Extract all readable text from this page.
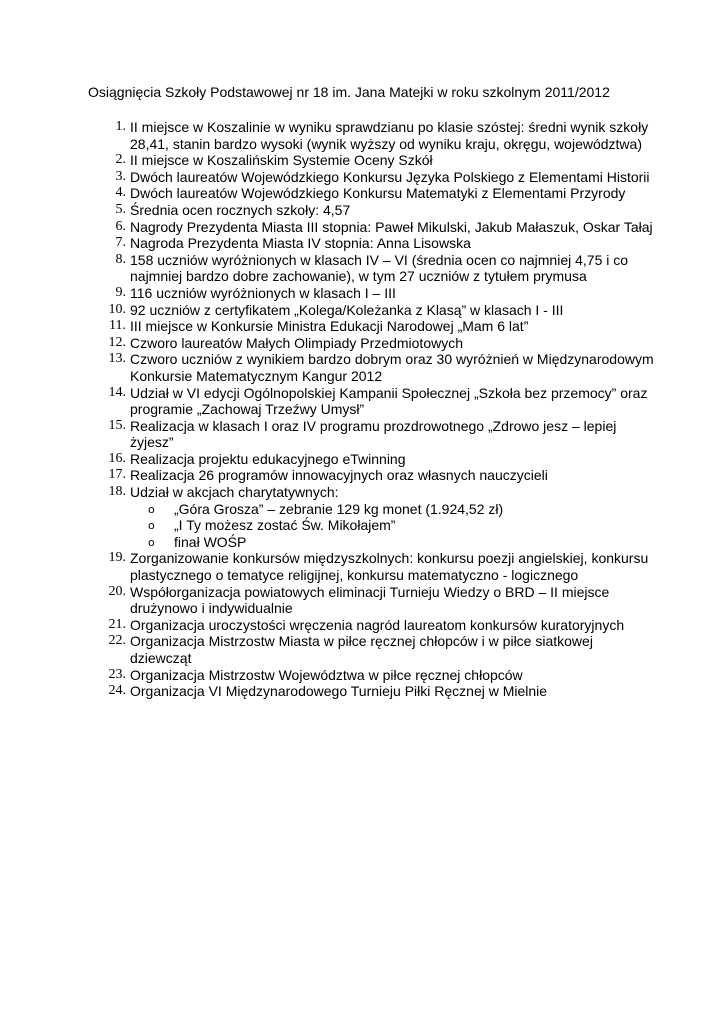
Osiągnięcia Szkoły Podstawowej nr 18 im. Jana Matejki w roku szkolnym 2011/2012
1. II miejsce w Koszalinie w wyniku sprawdzianu po klasie szóstej: średni wynik szkoły 28,41, stanin bardzo wysoki (wynik wyższy od wyniku kraju, okręgu, województwa)
2. II miejsce w Koszalińskim Systemie Oceny Szkół
3. Dwóch laureatów Wojewódzkiego Konkursu Języka Polskiego z Elementami Historii
4. Dwóch laureatów Wojewódzkiego Konkursu Matematyki z Elementami Przyrody
5. Średnia ocen rocznych szkoły: 4,57
6. Nagrody Prezydenta Miasta III stopnia: Paweł Mikulski, Jakub Małaszuk, Oskar Tałaj
7. Nagroda Prezydenta Miasta IV stopnia: Anna Lisowska
8. 158 uczniów wyróżnionych w klasach IV – VI (średnia ocen co najmniej 4,75 i co najmniej bardzo dobre zachowanie), w tym 27 uczniów z tytułem prymusa
9. 116 uczniów wyróżnionych w klasach I – III
10. 92 uczniów z certyfikatem „Kolega/Koleżanka z Klasą” w klasach I - III
11. III miejsce w Konkursie Ministra Edukacji Narodowej „Mam 6 lat”
12. Czworo laureatów Małych Olimpiady Przedmiotowych
13. Czworo uczniów z wynikiem bardzo dobrym oraz 30 wyróżnień w Międzynarodowym Konkursie Matematycznym Kangur 2012
14. Udział w VI edycji Ogólnopolskiej Kampanii Społecznej „Szkoła bez przemocy” oraz programie „Zachowaj Trzeźwy Umysł”
15. Realizacja w klasach I oraz IV programu prozdrowotnego „Zdrowo jesz – lepiej żyjesz”
16. Realizacja projektu edukacyjnego eTwinning
17. Realizacja 26 programów innowacyjnych oraz własnych nauczycieli
18. Udział w akcjach charytatywnych:
o „Góra Grosza” – zebranie 129 kg monet (1.924,52 zł)
o „I Ty możesz zostać Św. Mikołajem”
o finał WOŚP
19. Zorganizowanie konkursów międzyszkolnych: konkursu poezji angielskiej, konkursu plastycznego o tematyce religijnej, konkursu matematyczno - logicznego
20. Współorganizacja powiatowych eliminacji Turnieju Wiedzy o BRD – II miejsce drużynowo i indywidualnie
21. Organizacja uroczystości wręczenia nagród laureatom konkursów kuratoryjnych
22. Organizacja Mistrzostw Miasta w piłce ręcznej chłopców i w piłce siatkowej dziewcząt
23. Organizacja Mistrzostw Województwa w piłce ręcznej chłopców
24. Organizacja VI Międzynarodowego Turnieju Piłki Ręcznej w Mielnie
